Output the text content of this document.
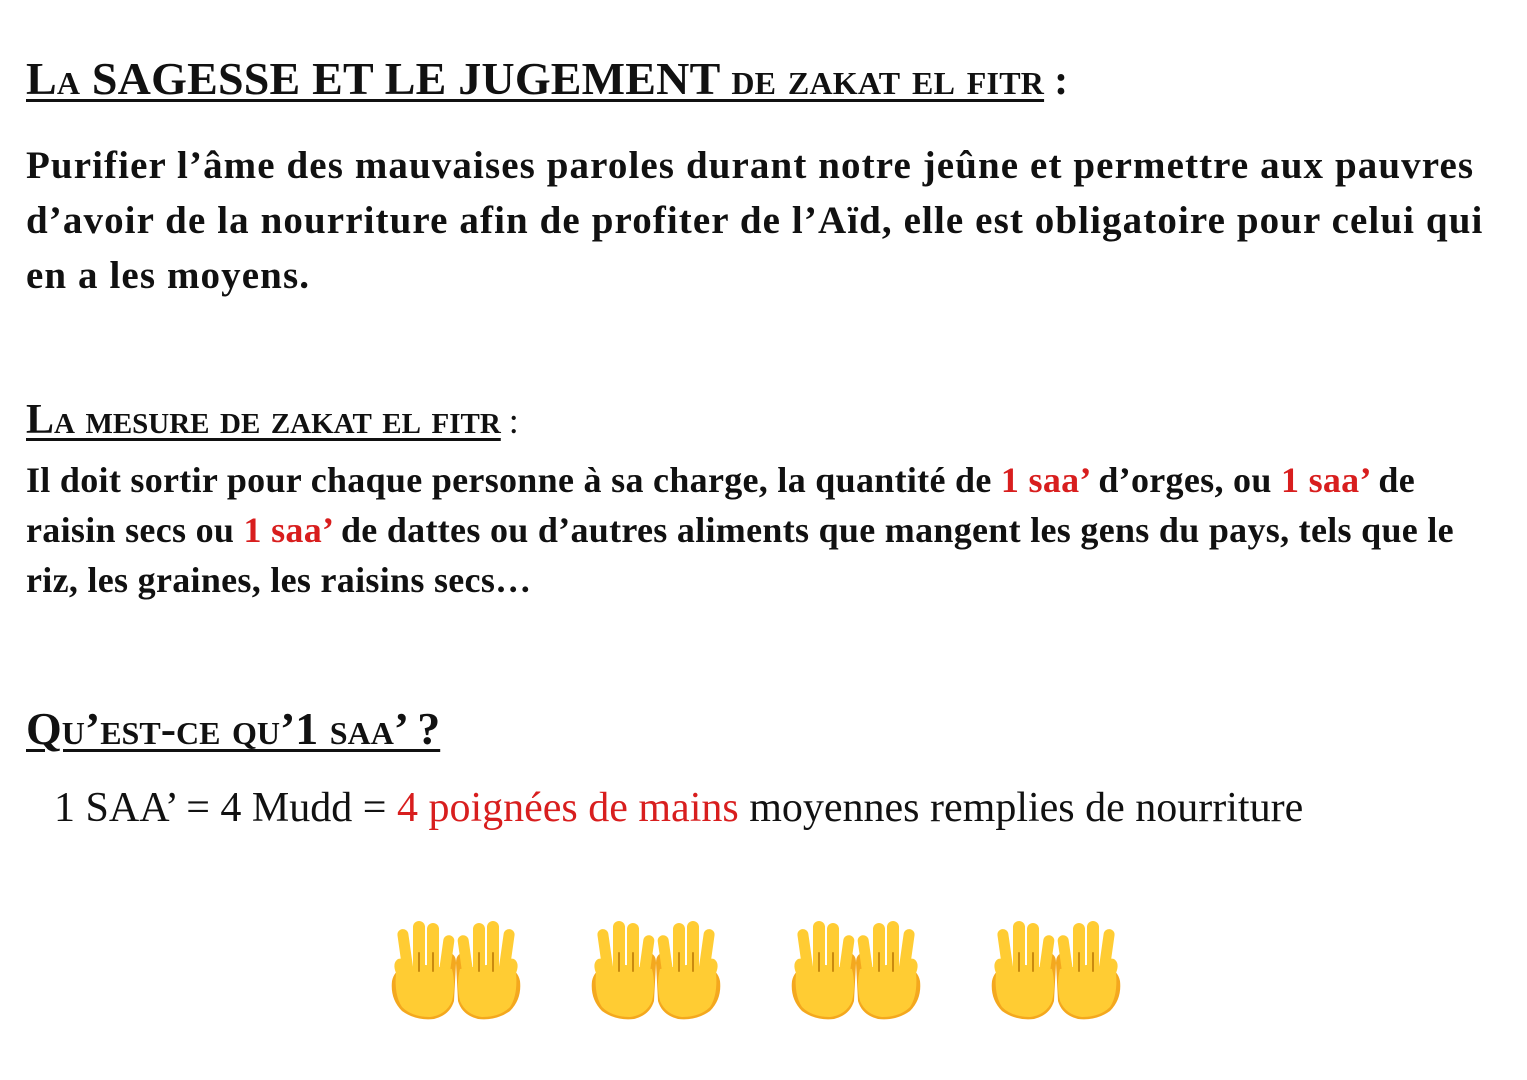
La SAGESSE ET LE JUGEMENT de zakat el fitr :

Purifier l’âme des mauvaises paroles durant notre jeûne et permettre aux pauvres d’avoir de la nourriture afin de profiter de l’Aïd, elle est obligatoire pour celui qui en a les moyens.

La mesure de zakat el fitr :

Il doit sortir pour chaque personne à sa charge, la quantité de 1 saa’ d’orges, ou 1 saa’ de raisin secs ou 1 saa’ de dattes ou d’autres aliments que mangent les gens du pays, tels que le riz, les graines, les raisins secs…

Qu’est-ce qu’1 saa’ ?

1 SAA’ = 4 Mudd = 4 poignées de mains moyennes remplies de nourriture
